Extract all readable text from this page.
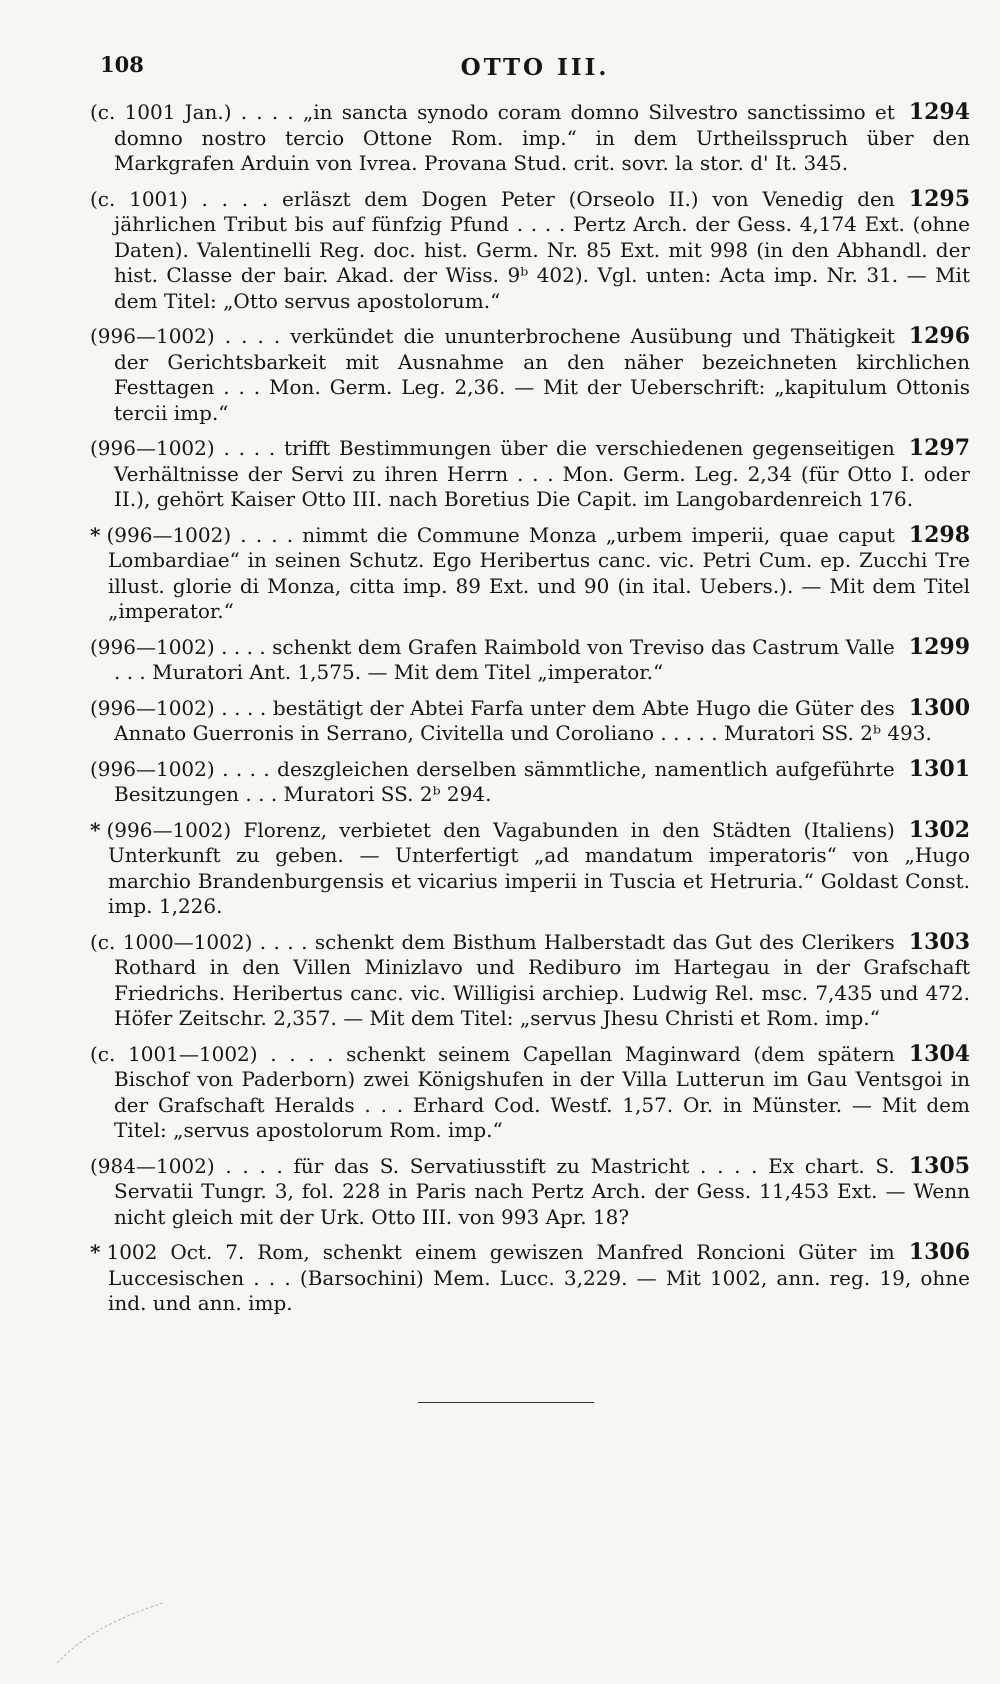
108	OTTO III.
1294
(c. 1001 Jan.) . . . . „in sancta synodo coram domno Silvestro sanctissimo et domno nostro tercio Ottone Rom. imp.“ in dem Urtheilsspruch über den Markgrafen Arduin von Ivrea. Provana Stud. crit. sovr. la stor. d' It. 345.
1295
(c. 1001) . . . . erläszt dem Dogen Peter (Orseolo II.) von Venedig den jährlichen Tribut bis auf fünfzig Pfund . . . . Pertz Arch. der Gess. 4,174 Ext. (ohne Daten). Valentinelli Reg. doc. hist. Germ. Nr. 85 Ext. mit 998 (in den Abhandl. der hist. Classe der bair. Akad. der Wiss. 9ᵇ 402). Vgl. unten: Acta imp. Nr. 31. — Mit dem Titel: „Otto servus apostolorum.“
1296
(996—1002) . . . . verkündet die ununterbrochene Ausübung und Thätigkeit der Gerichtsbarkeit mit Ausnahme an den näher bezeichneten kirchlichen Festtagen . . . Mon. Germ. Leg. 2,36. — Mit der Ueberschrift: „kapitulum Ottonis tercii imp.“
1297
(996—1002) . . . . trifft Bestimmungen über die verschiedenen gegenseitigen Verhältnisse der Servi zu ihren Herrn . . . Mon. Germ. Leg. 2,34 (für Otto I. oder II.), gehört Kaiser Otto III. nach Boretius Die Capit. im Langobardenreich 176.
1298
* (996—1002) . . . . nimmt die Commune Monza „urbem imperii, quae caput Lombardiae“ in seinen Schutz. Ego Heribertus canc. vic. Petri Cum. ep. Zucchi Tre illust. glorie di Monza, citta imp. 89 Ext. und 90 (in ital. Uebers.). — Mit dem Titel „imperator.“
1299
(996—1002) . . . . schenkt dem Grafen Raimbold von Treviso das Castrum Valle . . . Muratori Ant. 1,575. — Mit dem Titel „imperator.“
1300
(996—1002) . . . . bestätigt der Abtei Farfa unter dem Abte Hugo die Güter des Annato Guerronis in Serrano, Civitella und Coroliano . . . . . Muratori SS. 2ᵇ 493.
1301
(996—1002) . . . . deszgleichen derselben sämmtliche, namentlich aufgeführte Besitzungen . . . Muratori SS. 2ᵇ 294.
1302
* (996—1002) Florenz, verbietet den Vagabunden in den Städten (Italiens) Unterkunft zu geben. — Unterfertigt „ad mandatum imperatoris“ von „Hugo marchio Brandenburgensis et vicarius imperii in Tuscia et Hetruria.“ Goldast Const. imp. 1,226.
1303
(c. 1000—1002) . . . . schenkt dem Bisthum Halberstadt das Gut des Clerikers Rothard in den Villen Minizlavo und Rediburo im Hartegau in der Grafschaft Friedrichs. Heribertus canc. vic. Willigisi archiep. Ludwig Rel. msc. 7,435 und 472. Höfer Zeitschr. 2,357. — Mit dem Titel: „servus Jhesu Christi et Rom. imp.“
1304
(c. 1001—1002) . . . . schenkt seinem Capellan Maginward (dem spätern Bischof von Paderborn) zwei Königshufen in der Villa Lutterun im Gau Ventsgoi in der Grafschaft Heralds . . . Erhard Cod. Westf. 1,57. Or. in Münster. — Mit dem Titel: „servus apostolorum Rom. imp.“
1305
(984—1002) . . . . für das S. Servatiusstift zu Mastricht . . . . Ex chart. S. Servatii Tungr. 3, fol. 228 in Paris nach Pertz Arch. der Gess. 11,453 Ext. — Wenn nicht gleich mit der Urk. Otto III. von 993 Apr. 18?
1306
* 1002 Oct. 7. Rom, schenkt einem gewiszen Manfred Roncioni Güter im Luccesischen . . . (Barsochini) Mem. Lucc. 3,229. — Mit 1002, ann. reg. 19, ohne ind. und ann. imp.
